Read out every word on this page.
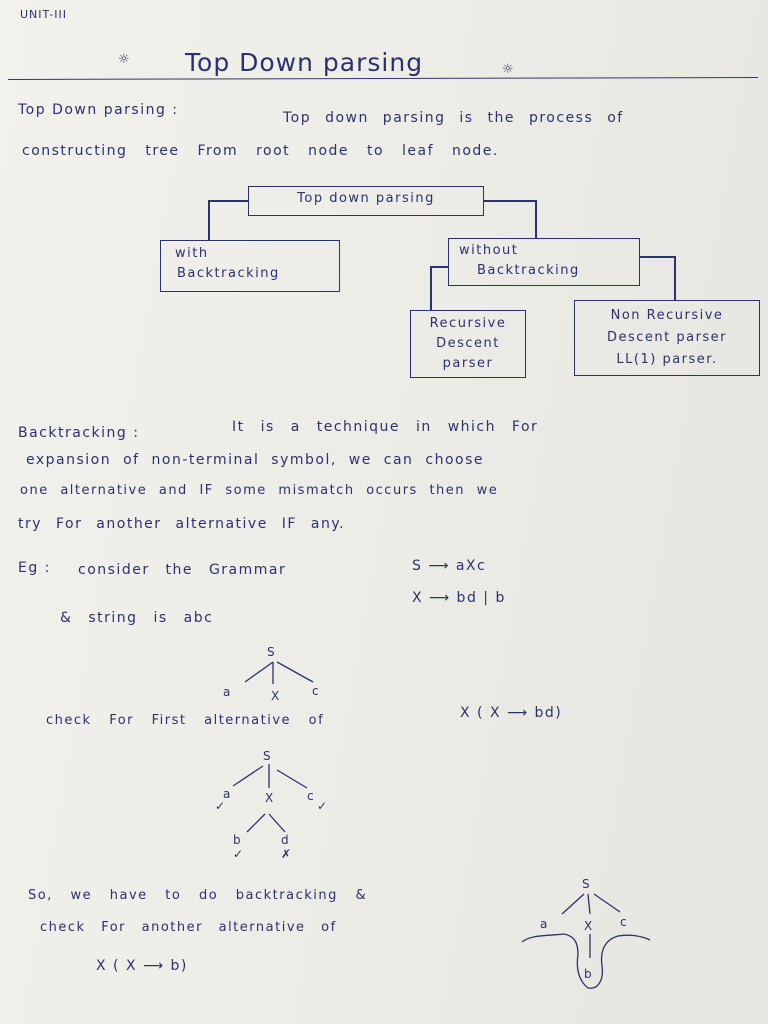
UNIT-III
☼ Top Down parsing	☼
Top Down parsing :	Top down parsing is the process of
constructing tree From root node to leaf node.
Top down parsing
with
Backtracking
without
Backtracking
Recursive
Descent
parser
Non Recursive
Descent parser
LL(1) parser.
Backtracking :	It is a technique in which For
expansion of non-terminal symbol, we can choose
one alternative and IF some mismatch occurs then we
try For another alternative IF any.
Eg : consider the Grammar	S ⟶ aXc
X ⟶ bd | b
& string is abc
S
a	X	c
check For First alternative of	X ( X ⟶ bd)
S
a
✓
X	c
✓
b
✓
d
✗
So, we have to do backtracking &
check For another alternative of
X ( X ⟶ b)
S
a	X c
b
